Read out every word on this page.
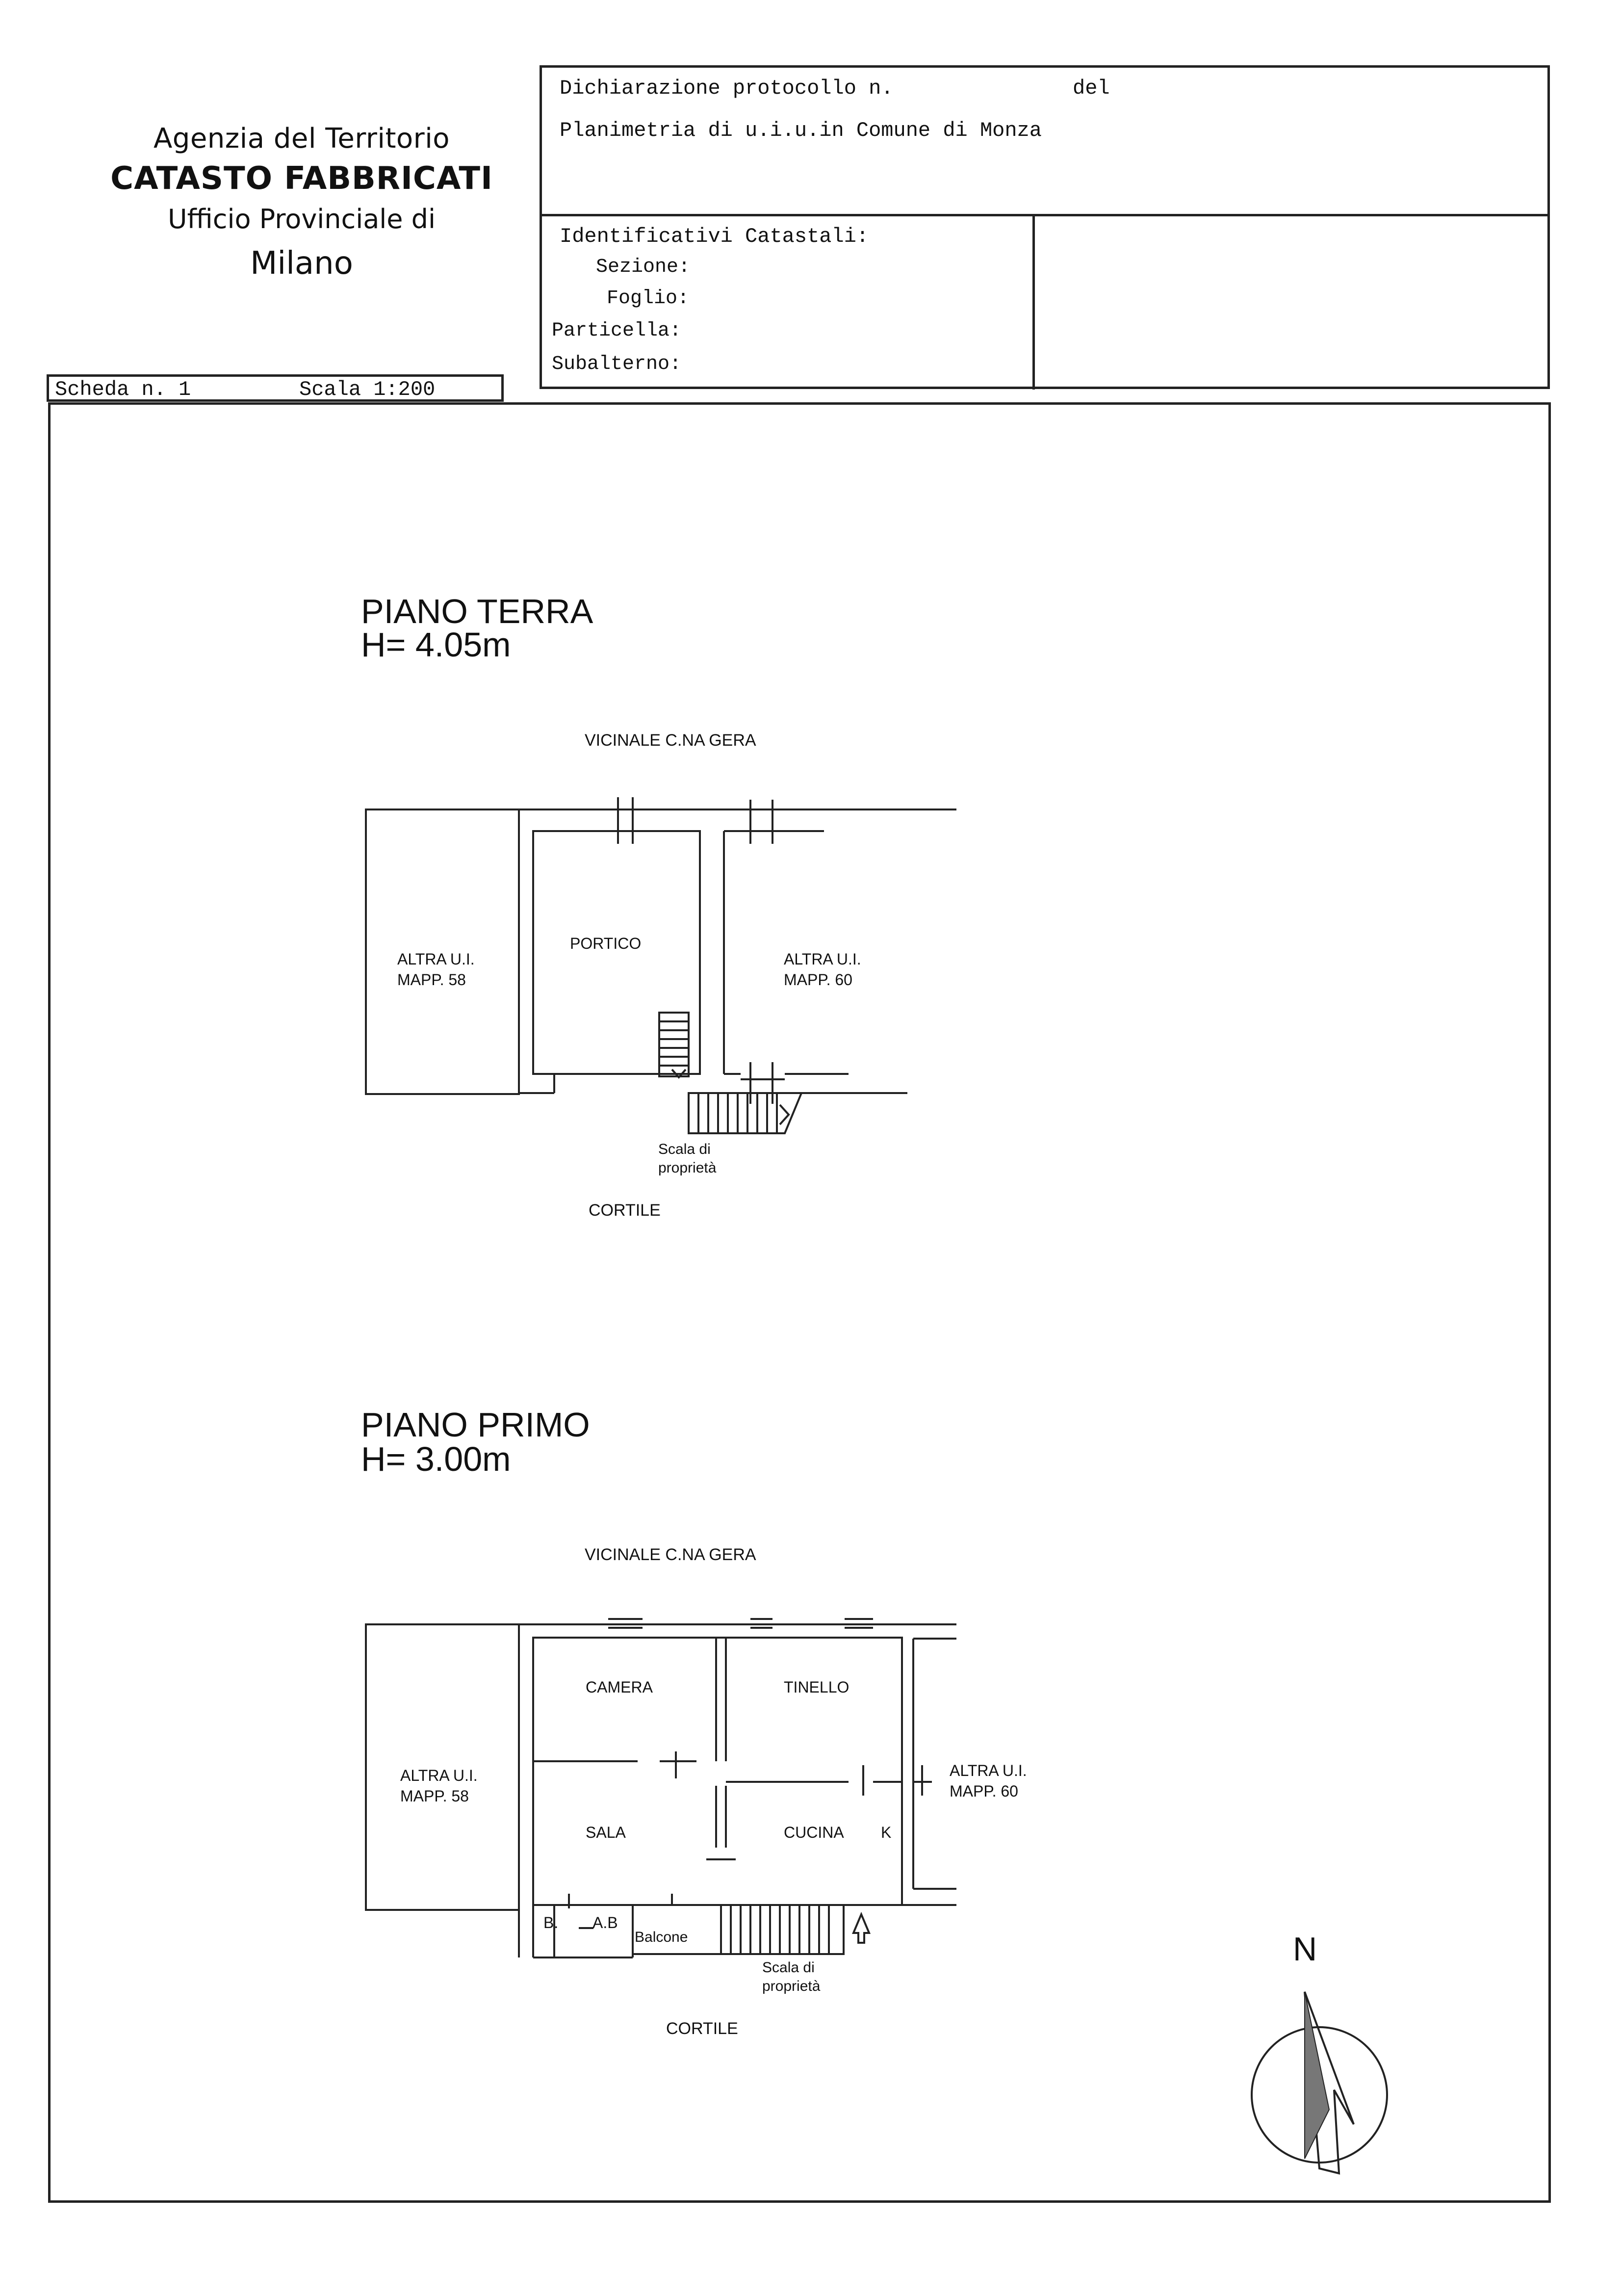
Agenzia del Territorio
CATASTO FABBRICATI
Ufficio Provinciale di
Milano
Dichiarazione protocollo n.	del
Planimetria di u.i.u.in Comune di Monza
Identificativi Catastali:
Sezione:
Foglio:
Particella:
Subalterno:
Scheda n. 1	Scala 1:200
PIANO TERRA
H= 4.05m
VICINALE C.NA GERA
ALTRA U.I.
MAPP. 58
PORTICO
ALTRA U.I.
MAPP. 60
Scala di
proprietà
CORTILE
PIANO PRIMO
H= 3.00m
VICINALE C.NA GERA
ALTRA U.I.
MAPP. 58
CAMERA	TINELLO
SALA	CUCINA K
ALTRA U.I.
MAPP. 60
B. A.B
Balcone
Scala di
proprietà
CORTILE
N
